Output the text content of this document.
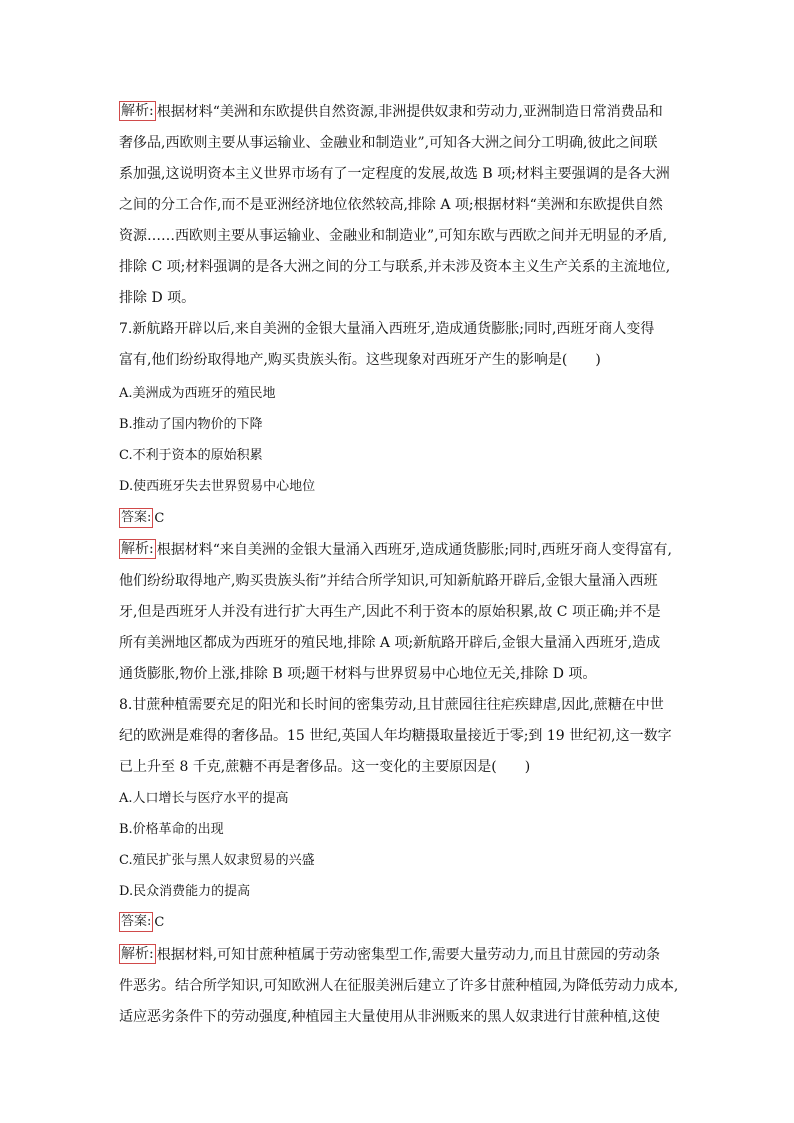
解析: 根据材料“美洲和东欧提供自然资源,非洲提供奴隶和劳动力,亚洲制造日常消费品和
奢侈品,西欧则主要从事运输业、金融业和制造业”,可知各大洲之间分工明确,彼此之间联
系加强,这说明资本主义世界市场有了一定程度的发展,故选 B 项;材料主要强调的是各大洲
之间的分工合作,而不是亚洲经济地位依然较高,排除 A 项;根据材料“美洲和东欧提供自然
资源……西欧则主要从事运输业、金融业和制造业”,可知东欧与西欧之间并无明显的矛盾,
排除 C 项;材料强调的是各大洲之间的分工与联系,并未涉及资本主义生产关系的主流地位,
排除 D 项。
7.新航路开辟以后,来自美洲的金银大量涌入西班牙,造成通货膨胀;同时,西班牙商人变得
富有,他们纷纷取得地产,购买贵族头衔。这些现象对西班牙产生的影响是(　　)
A.美洲成为西班牙的殖民地
B.推动了国内物价的下降
C.不利于资本的原始积累
D.使西班牙失去世界贸易中心地位
答案: C
解析: 根据材料“来自美洲的金银大量涌入西班牙,造成通货膨胀;同时,西班牙商人变得富有,
他们纷纷取得地产,购买贵族头衔”并结合所学知识,可知新航路开辟后,金银大量涌入西班
牙,但是西班牙人并没有进行扩大再生产,因此不利于资本的原始积累,故 C 项正确;并不是
所有美洲地区都成为西班牙的殖民地,排除 A 项;新航路开辟后,金银大量涌入西班牙,造成
通货膨胀,物价上涨,排除 B 项;题干材料与世界贸易中心地位无关,排除 D 项。
8.甘蔗种植需要充足的阳光和长时间的密集劳动,且甘蔗园往往疟疾肆虐,因此,蔗糖在中世
纪的欧洲是难得的奢侈品。15 世纪,英国人年均糖摄取量接近于零;到 19 世纪初,这一数字
已上升至 8 千克,蔗糖不再是奢侈品。这一变化的主要原因是(　　)
A.人口增长与医疗水平的提高
B.价格革命的出现
C.殖民扩张与黑人奴隶贸易的兴盛
D.民众消费能力的提高
答案: C
解析: 根据材料,可知甘蔗种植属于劳动密集型工作,需要大量劳动力,而且甘蔗园的劳动条
件恶劣。结合所学知识,可知欧洲人在征服美洲后建立了许多甘蔗种植园,为降低劳动力成本,
适应恶劣条件下的劳动强度,种植园主大量使用从非洲贩来的黑人奴隶进行甘蔗种植,这使
